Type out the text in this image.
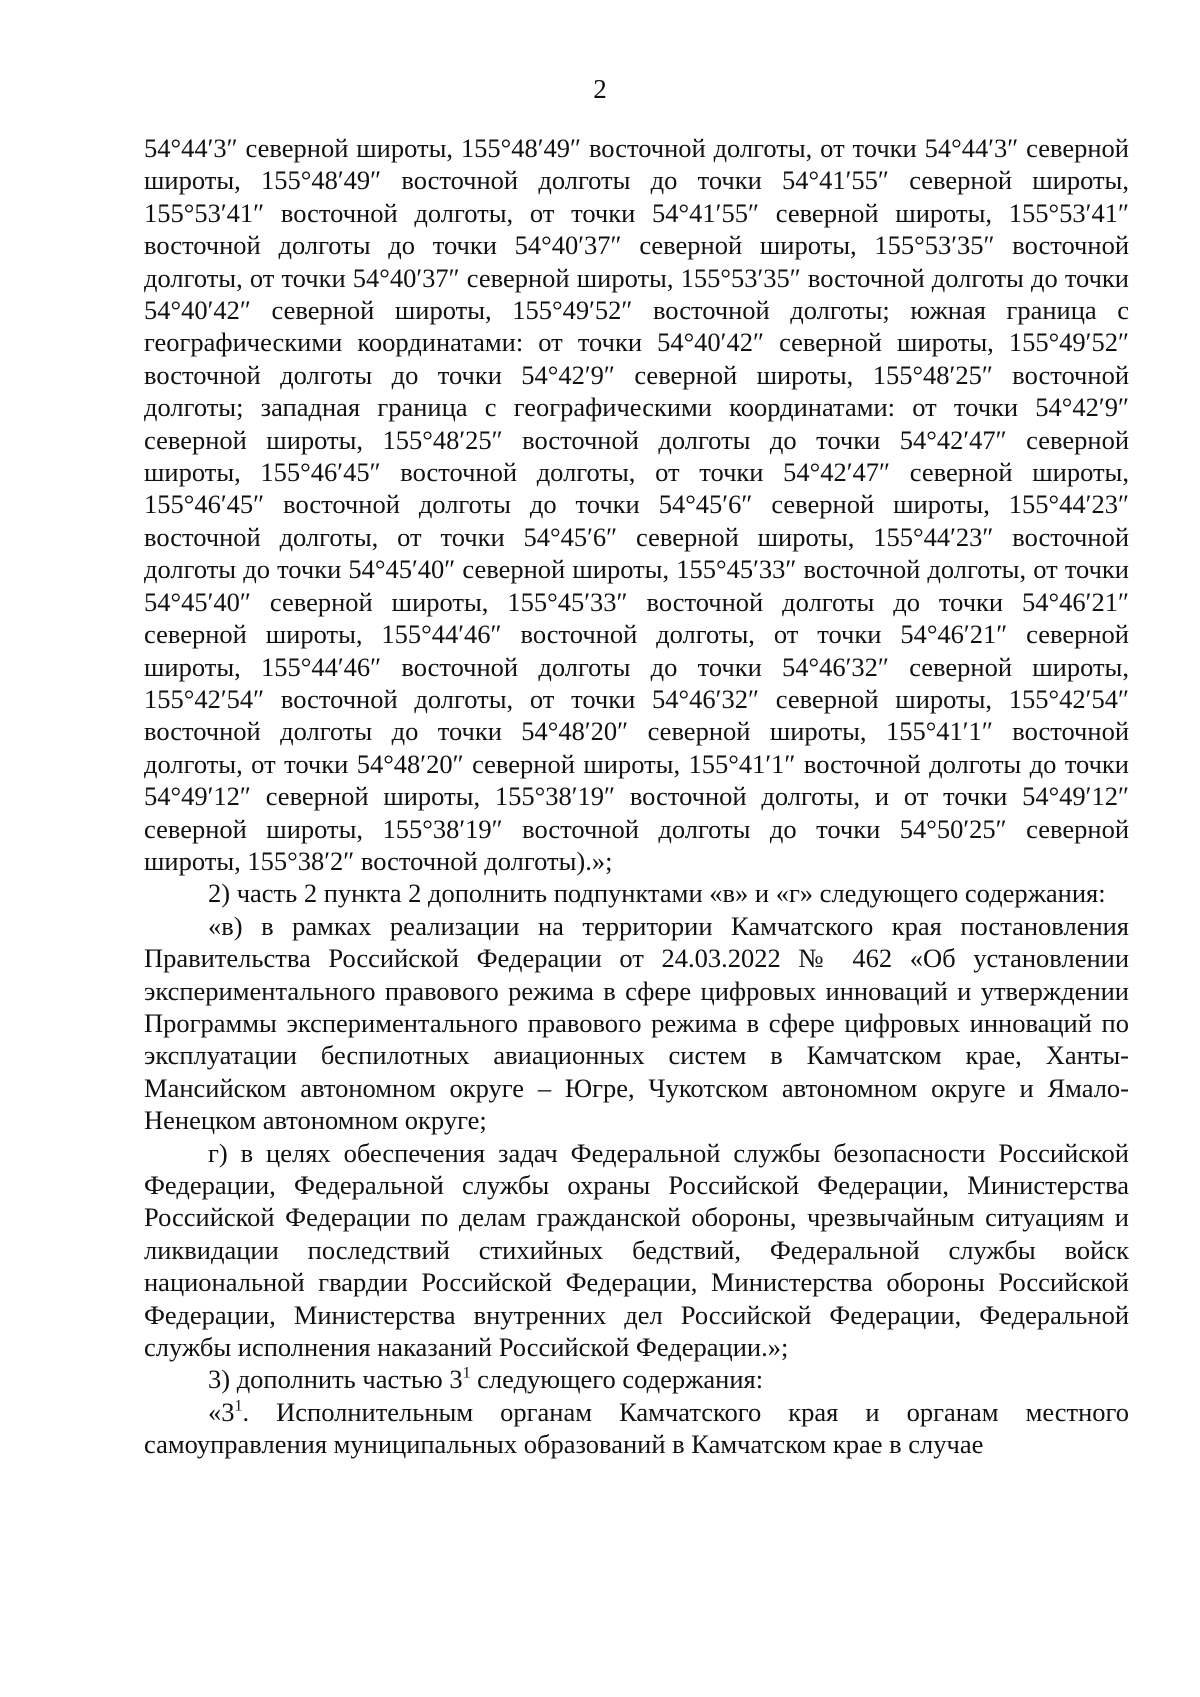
2

54°44′3″ северной широты, 155°48′49″ восточной долготы, от точки 54°44′3″ северной широты, 155°48′49″ восточной долготы до точки 54°41′55″ северной широты, 155°53′41″ восточной долготы, от точки 54°41′55″ северной широты, 155°53′41″ восточной долготы до точки 54°40′37″ северной широты, 155°53′35″ восточной долготы, от точки 54°40′37″ северной широты, 155°53′35″ восточной долготы до точки 54°40′42″ северной широты, 155°49′52″ восточной долготы; южная граница с географическими координатами: от точки 54°40′42″ северной широты, 155°49′52″ восточной долготы до точки 54°42′9″ северной широты, 155°48′25″ восточной долготы; западная граница с географическими координатами: от точки 54°42′9″ северной широты, 155°48′25″ восточной долготы до точки 54°42′47″ северной широты, 155°46′45″ восточной долготы, от точки 54°42′47″ северной широты, 155°46′45″ восточной долготы до точки 54°45′6″ северной широты, 155°44′23″ восточной долготы, от точки 54°45′6″ северной широты, 155°44′23″ восточной долготы до точки 54°45′40″ северной широты, 155°45′33″ восточной долготы, от точки 54°45′40″ северной широты, 155°45′33″ восточной долготы до точки 54°46′21″ северной широты, 155°44′46″ восточной долготы, от точки 54°46′21″ северной широты, 155°44′46″ восточной долготы до точки 54°46′32″ северной широты, 155°42′54″ восточной долготы, от точки 54°46′32″ северной широты, 155°42′54″ восточной долготы до точки 54°48′20″ северной широты, 155°41′1″ восточной долготы, от точки 54°48′20″ северной широты, 155°41′1″ восточной долготы до точки 54°49′12″ северной широты, 155°38′19″ восточной долготы, и от точки 54°49′12″ северной широты, 155°38′19″ восточной долготы до точки 54°50′25″ северной широты, 155°38′2″ восточной долготы).»;

2) часть 2 пункта 2 дополнить подпунктами «в» и «г» следующего содержания:

«в) в рамках реализации на территории Камчатского края постановления Правительства Российской Федерации от 24.03.2022 № 462 «Об установлении экспериментального правового режима в сфере цифровых инноваций и утверждении Программы экспериментального правового режима в сфере цифровых инноваций по эксплуатации беспилотных авиационных систем в Камчатском крае, Ханты-Мансийском автономном округе – Югре, Чукотском автономном округе и Ямало-Ненецком автономном округе;

г) в целях обеспечения задач Федеральной службы безопасности Российской Федерации, Федеральной службы охраны Российской Федерации, Министерства Российской Федерации по делам гражданской обороны, чрезвычайным ситуациям и ликвидации последствий стихийных бедствий, Федеральной службы войск национальной гвардии Российской Федерации, Министерства обороны Российской Федерации, Министерства внутренних дел Российской Федерации, Федеральной службы исполнения наказаний Российской Федерации.»;

3) дополнить частью $3^1$ следующего содержания:

«$3^1$. Исполнительным органам Камчатского края и органам местного самоуправления муниципальных образований в Камчатском крае в случае
